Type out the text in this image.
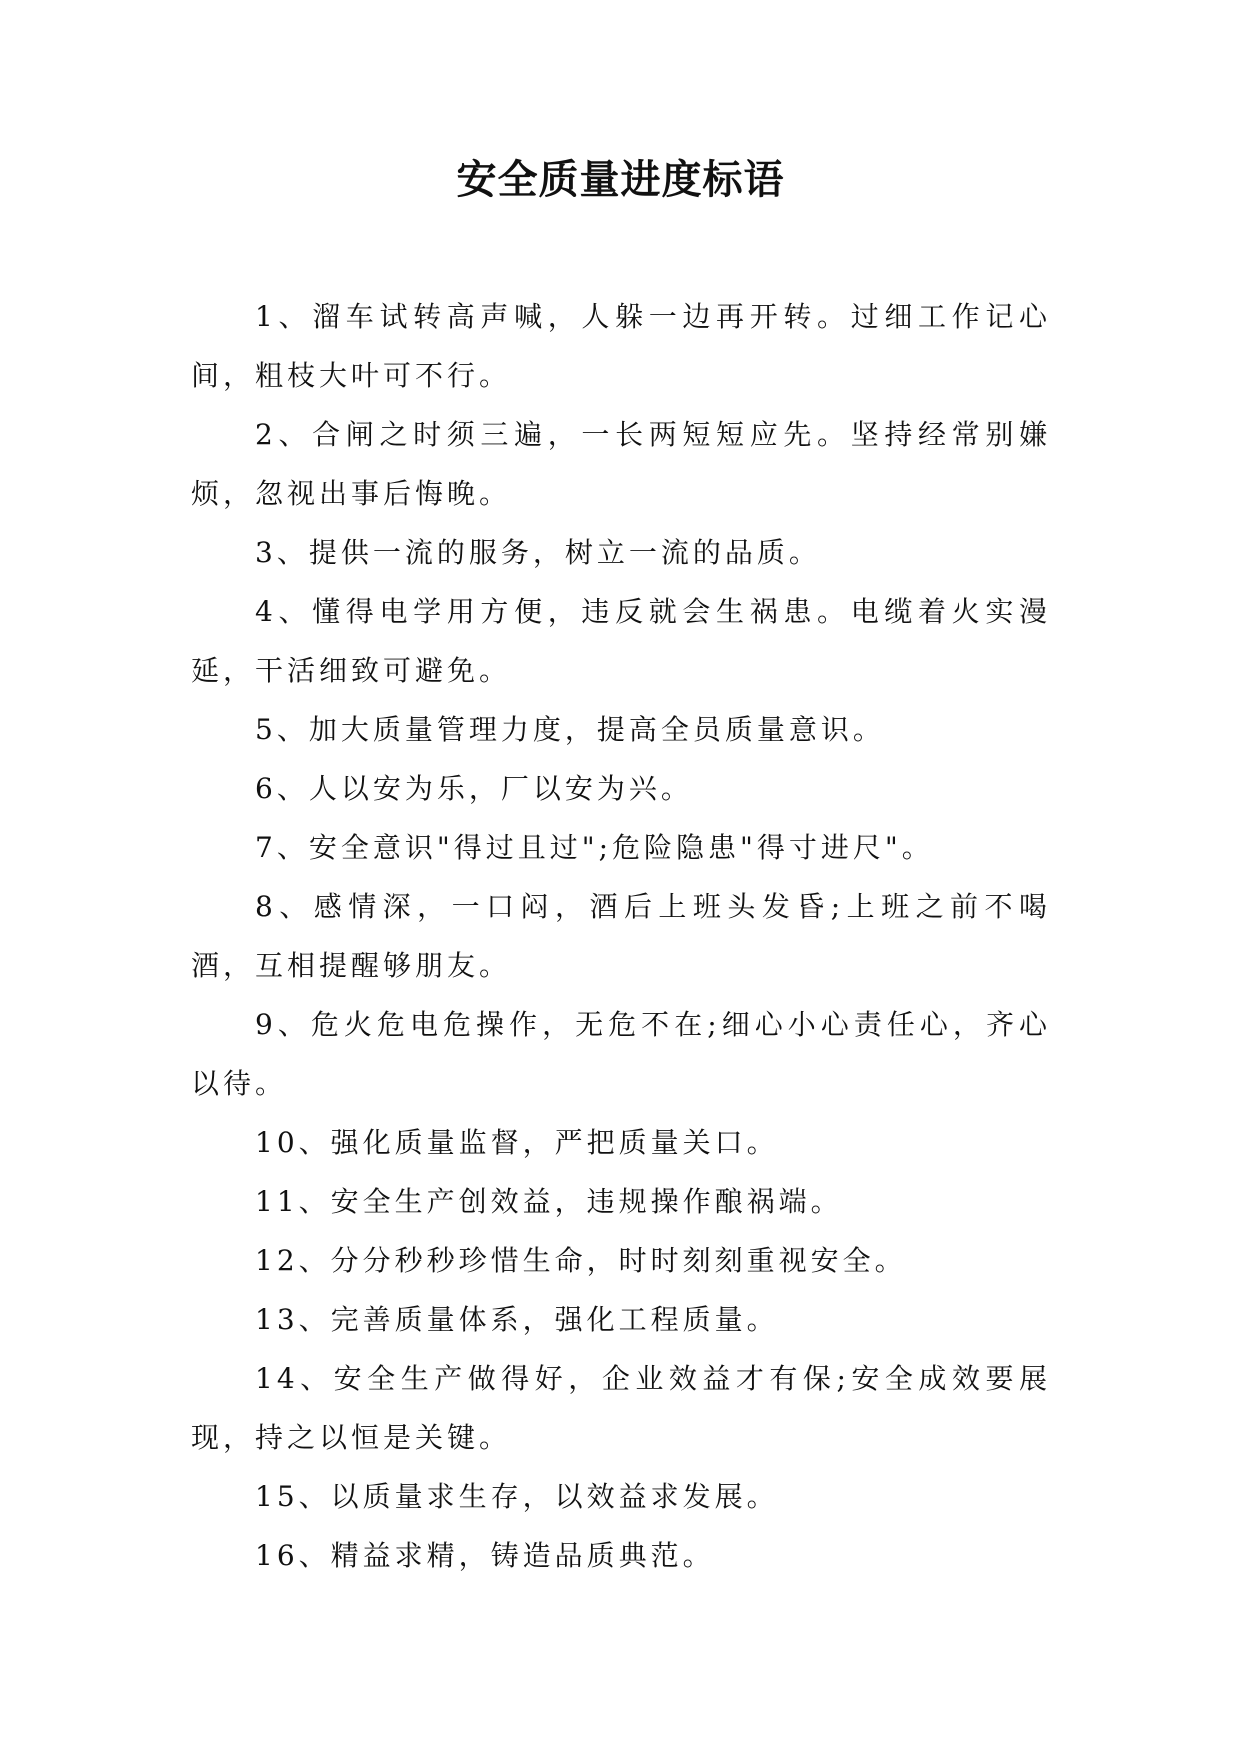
安全质量进度标语

1、溜车试转高声喊，人躲一边再开转。过细工作记心间，粗枝大叶可不行。

2、合闸之时须三遍，一长两短短应先。坚持经常别嫌烦，忽视出事后悔晚。

3、提供一流的服务，树立一流的品质。

4、懂得电学用方便，违反就会生祸患。电缆着火实漫延，干活细致可避免。

5、加大质量管理力度，提高全员质量意识。

6、人以安为乐，厂以安为兴。

7、安全意识"得过且过";危险隐患"得寸进尺"。

8、感情深，一口闷，酒后上班头发昏;上班之前不喝酒，互相提醒够朋友。

9、危火危电危操作，无危不在;细心小心责任心，齐心以待。

10、强化质量监督，严把质量关口。

11、安全生产创效益，违规操作酿祸端。

12、分分秒秒珍惜生命，时时刻刻重视安全。

13、完善质量体系，强化工程质量。

14、安全生产做得好，企业效益才有保;安全成效要展现，持之以恒是关键。

15、以质量求生存，以效益求发展。

16、精益求精，铸造品质典范。
